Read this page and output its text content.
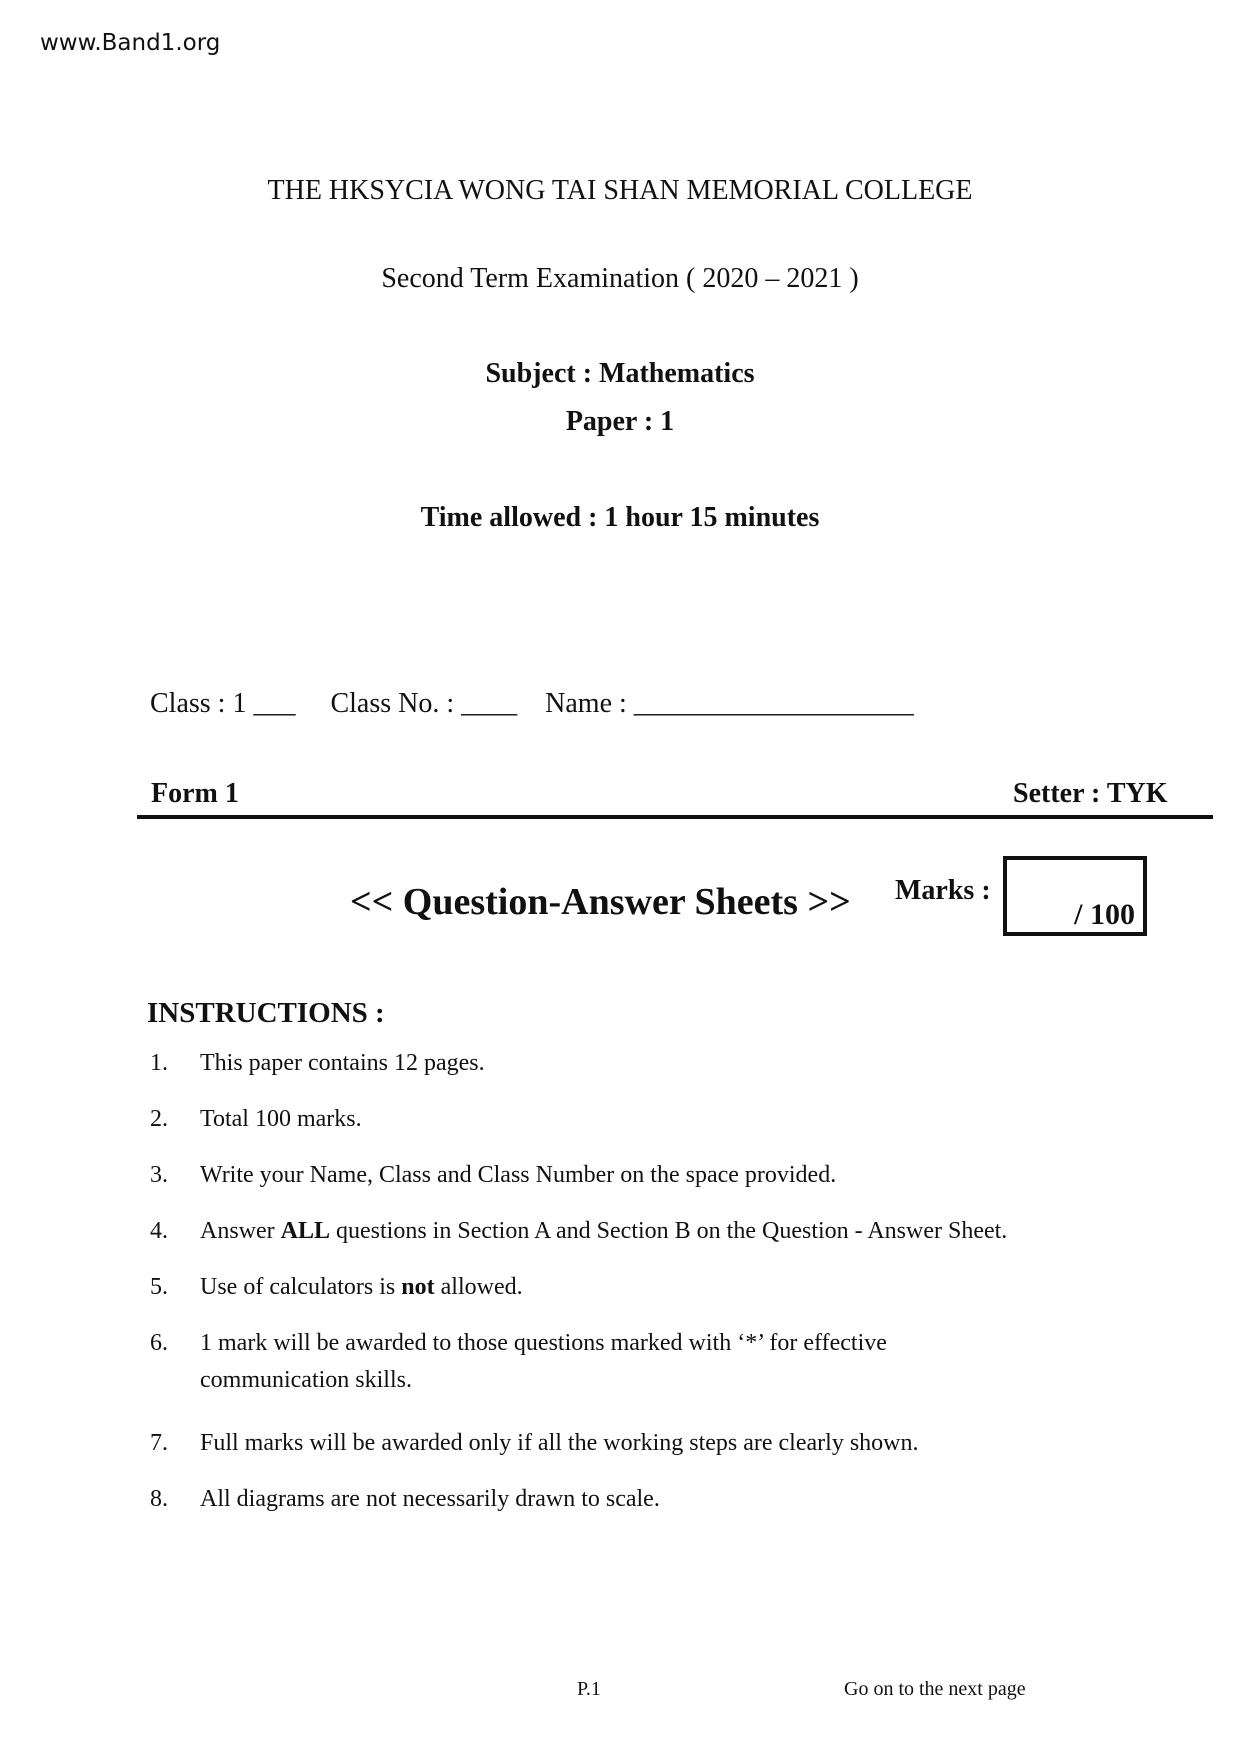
www.Band1.org
THE HKSYCIA WONG TAI SHAN MEMORIAL COLLEGE
Second Term Examination ( 2020 – 2021 )
Subject : Mathematics
Paper : 1
Time allowed : 1 hour 15 minutes
Class : 1 ___ Class No. : ____ Name : ____________________
Form 1	Setter : TYK
<< Question-Answer Sheets >> Marks :
/ 100
INSTRUCTIONS :
1.	This paper contains 12 pages.
2.	Total 100 marks.
3.	Write your Name, Class and Class Number on the space provided.
4.	Answer ALL questions in Section A and Section B on the Question - Answer Sheet.
5.	Use of calculators is not allowed.
6.	1 mark will be awarded to those questions marked with ‘*’ for effective
communication skills.
7.	Full marks will be awarded only if all the working steps are clearly shown.
8.	All diagrams are not necessarily drawn to scale.
P.1	Go on to the next page
